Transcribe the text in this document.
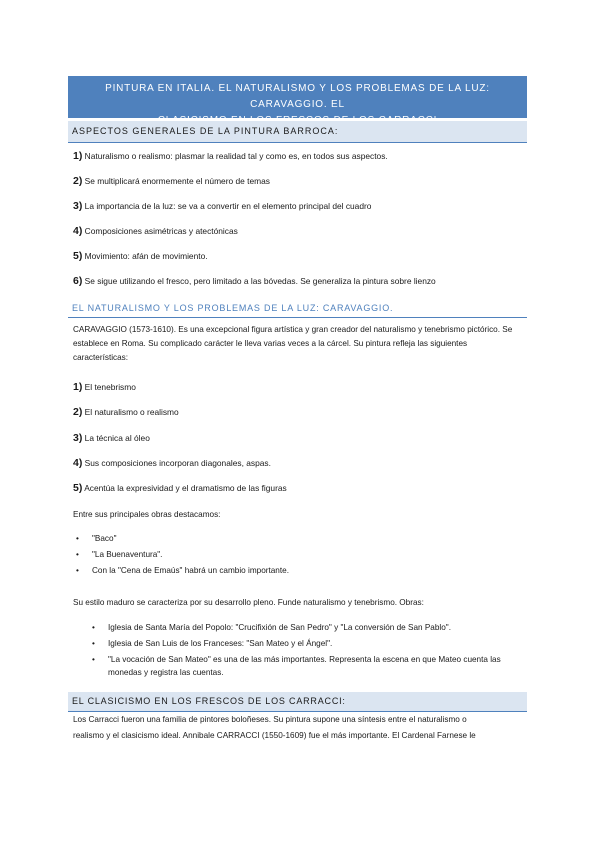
PINTURA EN ITALIA. EL NATURALISMO Y LOS PROBLEMAS DE LA LUZ: CARAVAGGIO. EL
ASPECTOS GENERALES DE LA PINTURA BARROCA:
1) Naturalismo o realismo: plasmar la realidad tal y como es, en todos sus aspectos.
2) Se multiplicará enormemente el número de temas
3) La importancia de la luz: se va a convertir en el elemento principal del cuadro
4) Composiciones asimétricas y atectónicas
5) Movimiento: afán de movimiento.
6) Se sigue utilizando el fresco, pero limitado a las bóvedas. Se generaliza la pintura sobre lienzo
EL NATURALISMO Y LOS PROBLEMAS DE LA LUZ: CARAVAGGIO.
CARAVAGGIO (1573-1610). Es una excepcional figura artística y gran creador del naturalismo y tenebrismo pictórico. Se establece en Roma. Su complicado carácter le lleva varias veces a la cárcel. Su pintura refleja las siguientes características:
1) El tenebrismo
2) El naturalismo o realismo
3) La técnica al óleo
4) Sus composiciones incorporan diagonales, aspas.
5) Acentúa la expresividad y el dramatismo de las figuras
Entre sus principales obras destacamos:
• "Baco"
• "La Buenaventura".
• Con la "Cena de Emaús" habrá un cambio importante.
Su estilo maduro se caracteriza por su desarrollo pleno. Funde naturalismo y tenebrismo. Obras:
•	Iglesia de Santa María del Popolo: "Crucifixión de San Pedro" y "La conversión de San Pablo".
•	Iglesia de San Luis de los Franceses: "San Mateo y el Ángel".
•	"La vocación de San Mateo" es una de las más importantes. Representa la escena en que Mateo cuenta las monedas y registra las cuentas.
EL CLASICISMO EN LOS FRESCOS DE LOS CARRACCI:
Los Carracci fueron una familia de pintores boloñeses. Su pintura supone una síntesis entre el naturalismo o
realismo y el clasicismo ideal. Annibale CARRACCI (1550-1609) fue el más importante. El Cardenal Farnese le
